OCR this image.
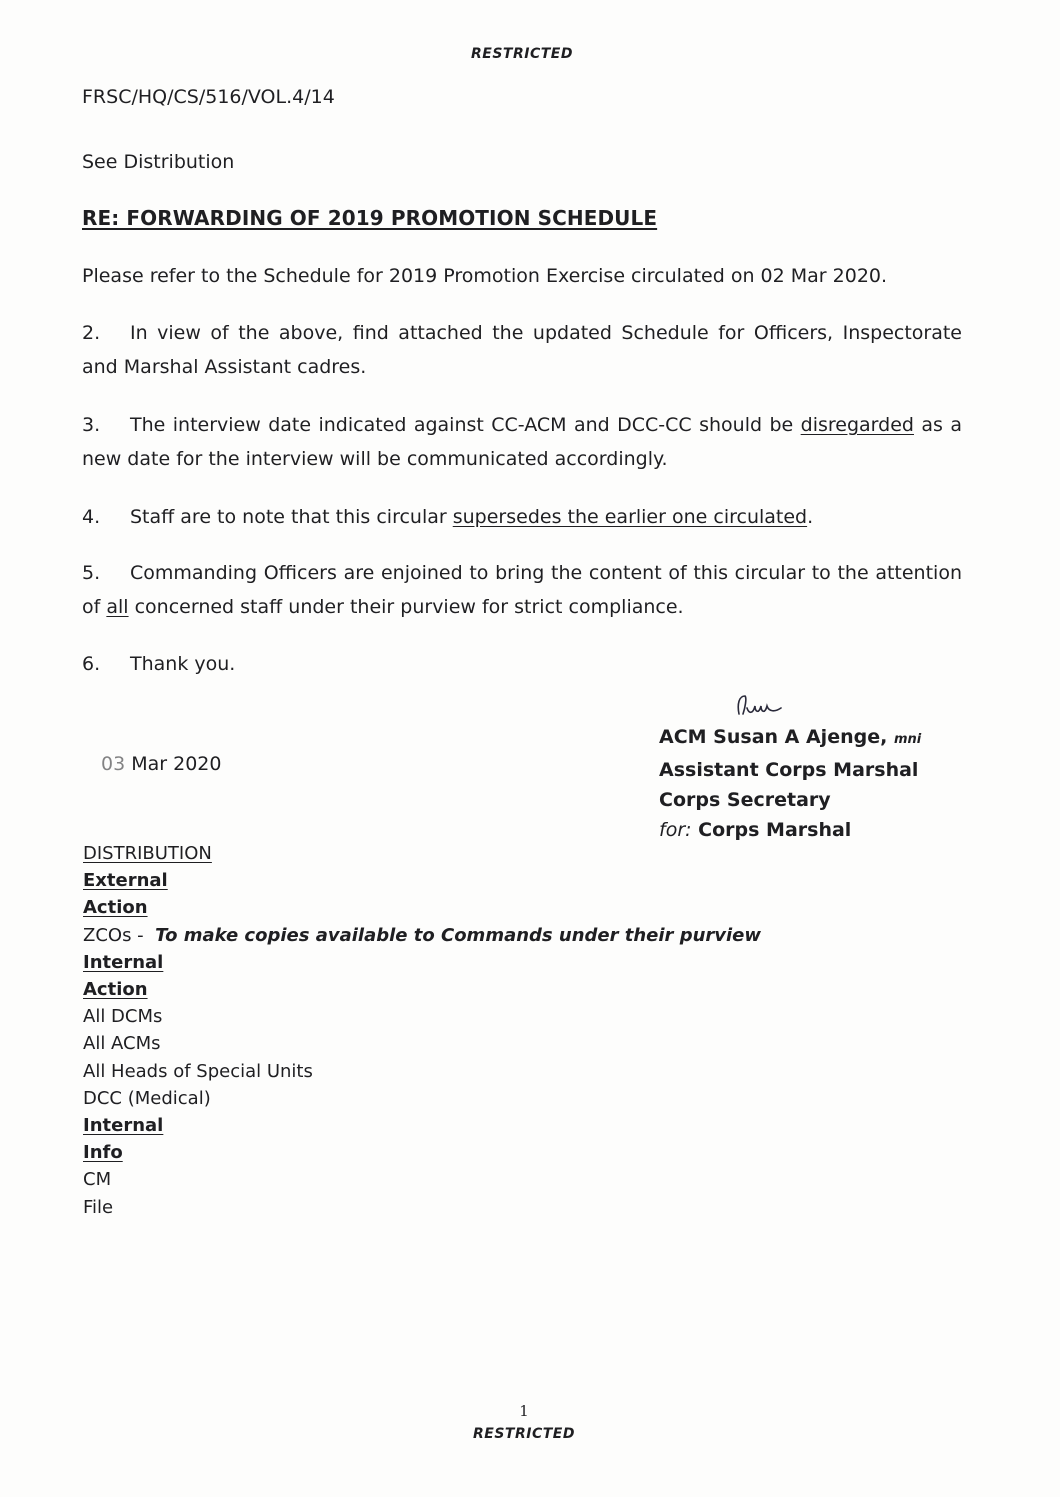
RESTRICTED
FRSC/HQ/CS/516/VOL.4/14
See Distribution
RE: FORWARDING OF 2019 PROMOTION SCHEDULE
Please refer to the Schedule for 2019 Promotion Exercise circulated on 02 Mar 2020.
2. In view of the above, find attached the updated Schedule for Officers, Inspectorate and Marshal Assistant cadres.
3. The interview date indicated against CC-ACM and DCC-CC should be disregarded as a new date for the interview will be communicated accordingly.
4. Staff are to note that this circular supersedes the earlier one circulated.
5. Commanding Officers are enjoined to bring the content of this circular to the attention of all concerned staff under their purview for strict compliance.
6. Thank you.
03 Mar 2020
ACM Susan A Ajenge, mni
Assistant Corps Marshal
Corps Secretary
for: Corps Marshal
DISTRIBUTION
External
Action
ZCOs - To make copies available to Commands under their purview
Internal
Action
All DCMs
All ACMs
All Heads of Special Units
DCC (Medical)
Internal
Info
CM
File
1
RESTRICTED
